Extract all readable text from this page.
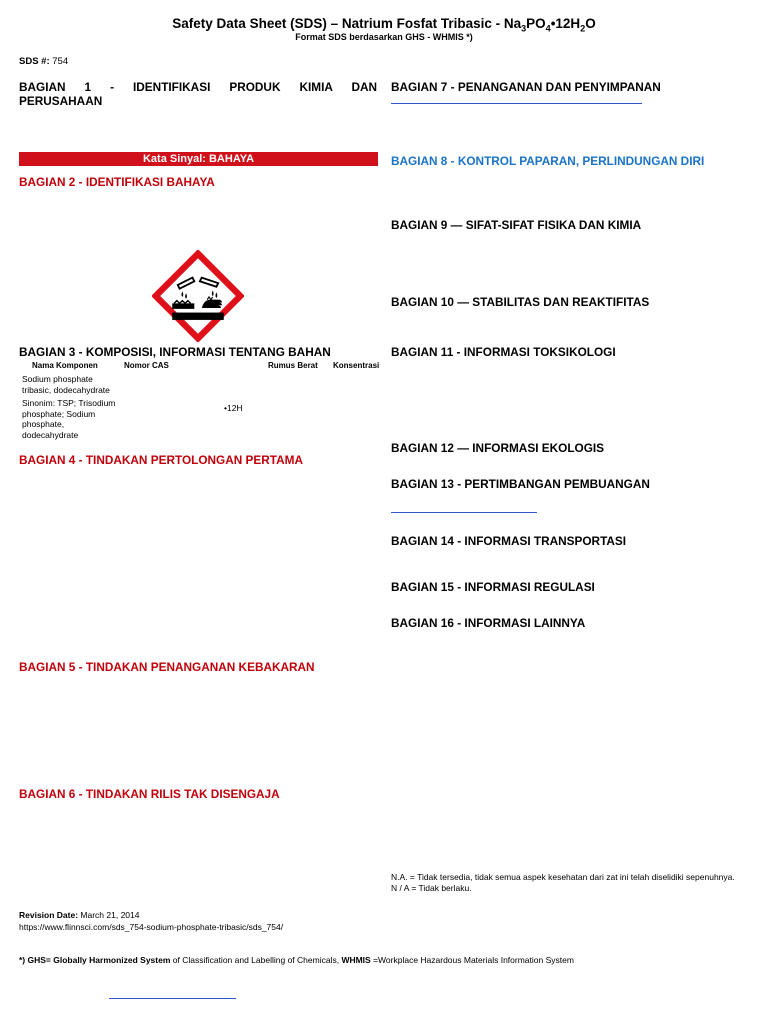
Safety Data Sheet (SDS) – Natrium Fosfat Tribasic - $Na_3PO_4•12H_2O$
Format SDS berdasarkan GHS - WHMIS *)
SDS #: 754
BAGIAN 1 - IDENTIFIKASI PRODUK KIMIA DAN
PERUSAHAAN
Kata Sinyal: BAHAYA
BAGIAN 2 - IDENTIFIKASI BAHAYA
BAGIAN 3 - KOMPOSISI, INFORMASI TENTANG BAHAN
Nama Komponen	Nomor CAS	Rumus Berat Konsentrasi
Sodium phosphate
tribasic, dodecahydrate
Sinonim: TSP; Trisodium
phosphate; Sodium
phosphate,
dodecahydrate
•12H
BAGIAN 4 - TINDAKAN PERTOLONGAN PERTAMA
BAGIAN 5 - TINDAKAN PENANGANAN KEBAKARAN
BAGIAN 6 - TINDAKAN RILIS TAK DISENGAJA
BAGIAN 7 - PENANGANAN DAN PENYIMPANAN
BAGIAN 8 - KONTROL PAPARAN, PERLINDUNGAN DIRI
BAGIAN 9 — SIFAT-SIFAT FISIKA DAN KIMIA
BAGIAN 10 — STABILITAS DAN REAKTIFITAS
BAGIAN 11 - INFORMASI TOKSIKOLOGI
BAGIAN 12 — INFORMASI EKOLOGIS
BAGIAN 13 - PERTIMBANGAN PEMBUANGAN
BAGIAN 14 - INFORMASI TRANSPORTASI
BAGIAN 15 - INFORMASI REGULASI
BAGIAN 16 - INFORMASI LAINNYA
N.A. = Tidak tersedia, tidak semua aspek kesehatan dari zat ini telah diselidiki sepenuhnya.
N / A = Tidak berlaku.
Revision Date: March 21, 2014
https://www.flinnsci.com/sds_754-sodium-phosphate-tribasic/sds_754/
*) GHS= Globally Harmonized System of Classification and Labelling of Chemicals, WHMIS =Workplace Hazardous Materials Information System
